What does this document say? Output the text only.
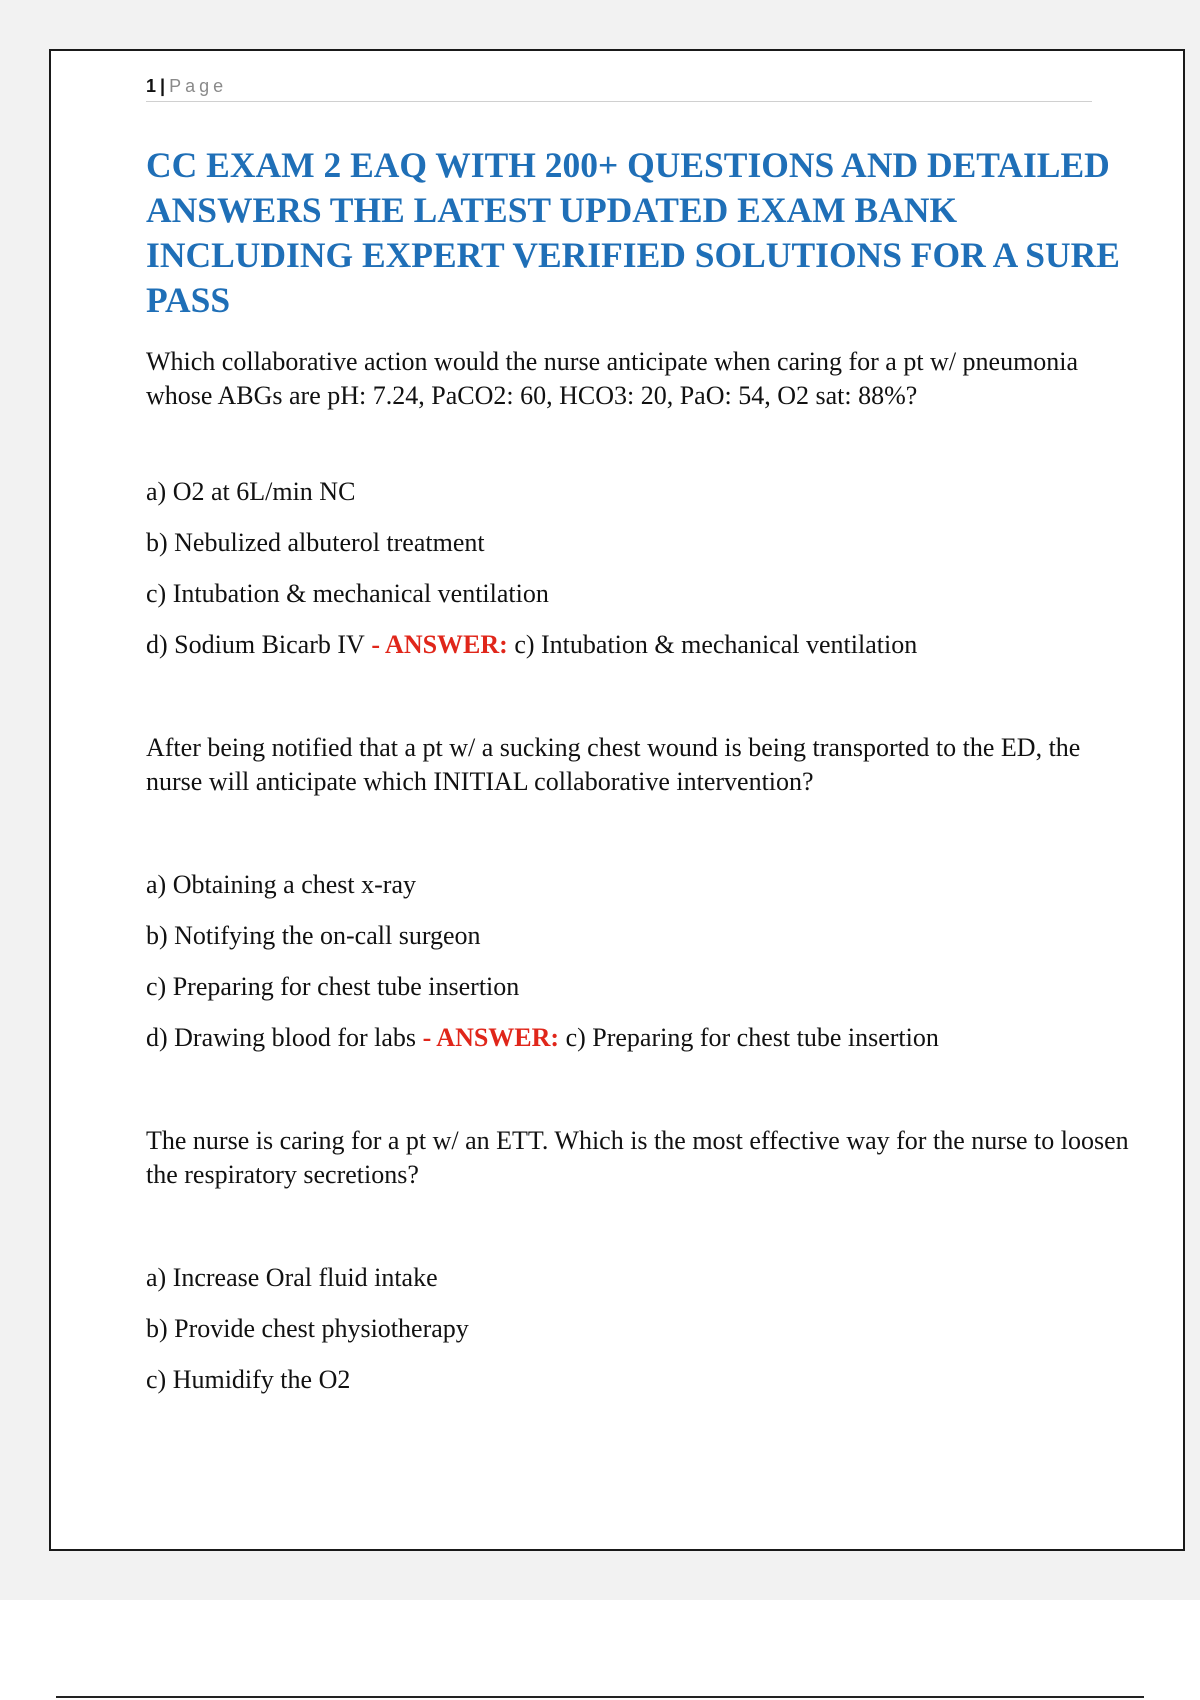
1 | Page
CC EXAM 2 EAQ WITH 200+ QUESTIONS AND DETAILED ANSWERS THE LATEST UPDATED EXAM BANK INCLUDING EXPERT VERIFIED SOLUTIONS FOR A SURE PASS

Which collaborative action would the nurse anticipate when caring for a pt w/ pneumonia whose ABGs are pH: 7.24, PaCO2: 60, HCO3: 20, PaO: 54, O2 sat: 88%?

a) O2 at 6L/min NC

b) Nebulized albuterol treatment

c) Intubation & mechanical ventilation

d) Sodium Bicarb IV - ANSWER: c) Intubation & mechanical ventilation

After being notified that a pt w/ a sucking chest wound is being transported to the ED, the nurse will anticipate which INITIAL collaborative intervention?

a) Obtaining a chest x-ray

b) Notifying the on-call surgeon

c) Preparing for chest tube insertion

d) Drawing blood for labs - ANSWER: c) Preparing for chest tube insertion

The nurse is caring for a pt w/ an ETT. Which is the most effective way for the nurse to loosen the respiratory secretions?

a) Increase Oral fluid intake

b) Provide chest physiotherapy

c) Humidify the O2
